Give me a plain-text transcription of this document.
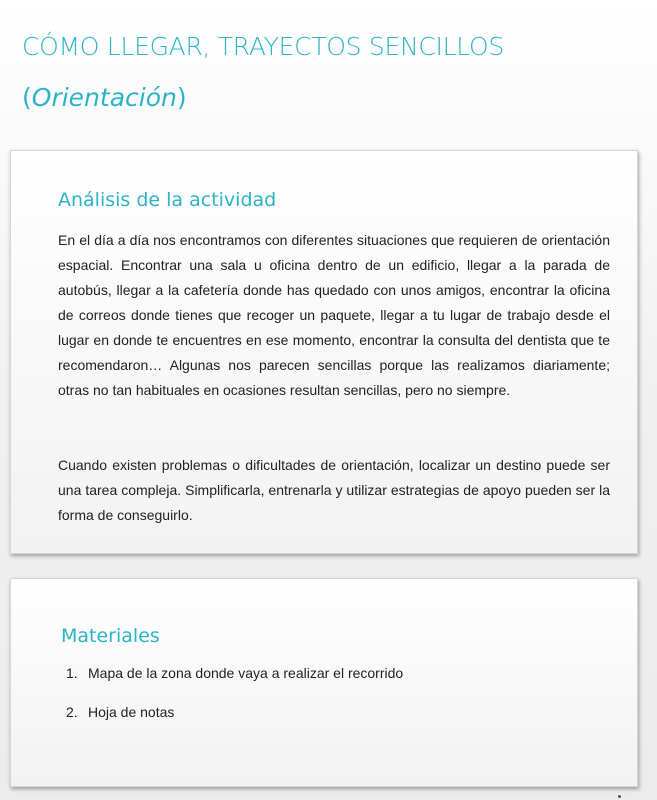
CÓMO LLEGAR, TRAYECTOS SENCILLOS
(Orientación)
Análisis de la actividad

En el día a día nos encontramos con diferentes situaciones que requieren de orientación espacial. Encontrar una sala u oficina dentro de un edificio, llegar a la parada de autobús, llegar a la cafetería donde has quedado con unos amigos, encontrar la oficina de correos donde tienes que recoger un paquete, llegar a tu lugar de trabajo desde el lugar en donde te encuentres en ese momento, encontrar la consulta del dentista que te recomendaron… Algunas nos parecen sencillas porque las realizamos diariamente; otras no tan habituales en ocasiones resultan sencillas, pero no siempre.

Cuando existen problemas o dificultades de orientación, localizar un destino puede ser una tarea compleja. Simplificarla, entrenarla y utilizar estrategias de apoyo pueden ser la forma de conseguirlo.

Materiales
1. Mapa de la zona donde vaya a realizar el recorrido
2. Hoja de notas
